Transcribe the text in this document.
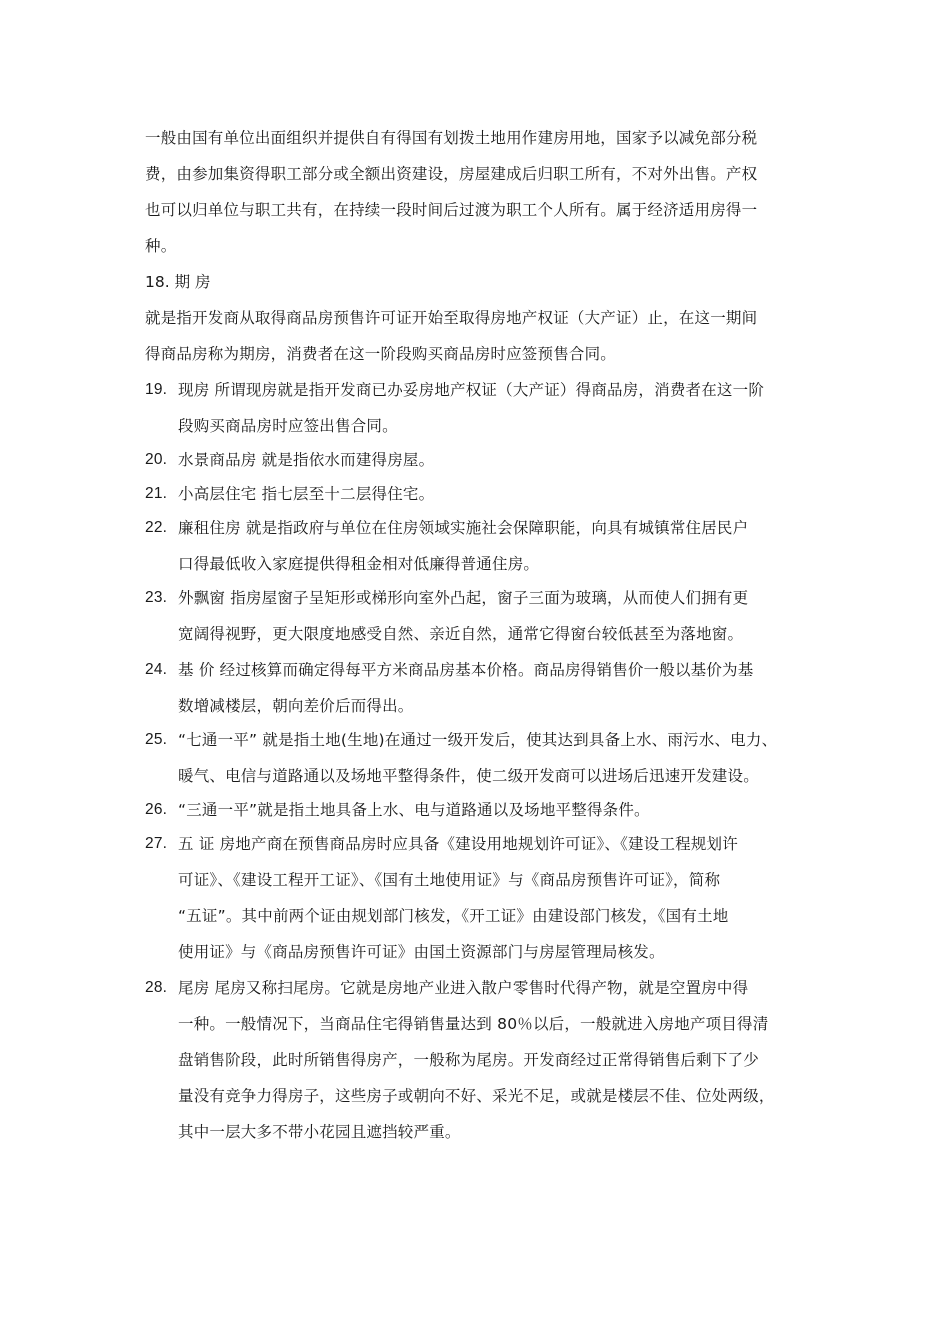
一般由国有单位出面组织并提供自有得国有划拨土地用作建房用地，国家予以减免部分税
费，由参加集资得职工部分或全额出资建设，房屋建成后归职工所有，不对外出售。产权
也可以归单位与职工共有，在持续一段时间后过渡为职工个人所有。属于经济适用房得一
种。
18. 期 房
就是指开发商从取得商品房预售许可证开始至取得房地产权证（大产证）止，在这一期间
得商品房称为期房，消费者在这一阶段购买商品房时应签预售合同。
19. 现房 所谓现房就是指开发商已办妥房地产权证（大产证）得商品房，消费者在这一阶
段购买商品房时应签出售合同。
20. 水景商品房 就是指依水而建得房屋。
21. 小高层住宅 指七层至十二层得住宅。
22. 廉租住房 就是指政府与单位在住房领域实施社会保障职能，向具有城镇常住居民户
口得最低收入家庭提供得租金相对低廉得普通住房。
23. 外飘窗 指房屋窗子呈矩形或梯形向室外凸起，窗子三面为玻璃，从而使人们拥有更
宽阔得视野，更大限度地感受自然、亲近自然，通常它得窗台较低甚至为落地窗。
24. 基 价 经过核算而确定得每平方米商品房基本价格。商品房得销售价一般以基价为基
数增减楼层，朝向差价后而得出。
25. “七通一平” 就是指土地(生地)在通过一级开发后，使其达到具备上水、雨污水、电力、
暖气、电信与道路通以及场地平整得条件，使二级开发商可以进场后迅速开发建设。
26. “三通一平”就是指土地具备上水、电与道路通以及场地平整得条件。
27. 五 证 房地产商在预售商品房时应具备《建设用地规划许可证》、《建设工程规划许
可证》、《建设工程开工证》、《国有土地使用证》与《商品房预售许可证》，简称
“五证”。其中前两个证由规划部门核发，《开工证》由建设部门核发，《国有土地
使用证》与《商品房预售许可证》由国土资源部门与房屋管理局核发。
28. 尾房 尾房又称扫尾房。它就是房地产业进入散户零售时代得产物，就是空置房中得
一种。一般情况下，当商品住宅得销售量达到 80％以后，一般就进入房地产项目得清
盘销售阶段，此时所销售得房产，一般称为尾房。开发商经过正常得销售后剩下了少
量没有竞争力得房子，这些房子或朝向不好、采光不足，或就是楼层不佳、位处两级，
其中一层大多不带小花园且遮挡较严重。
